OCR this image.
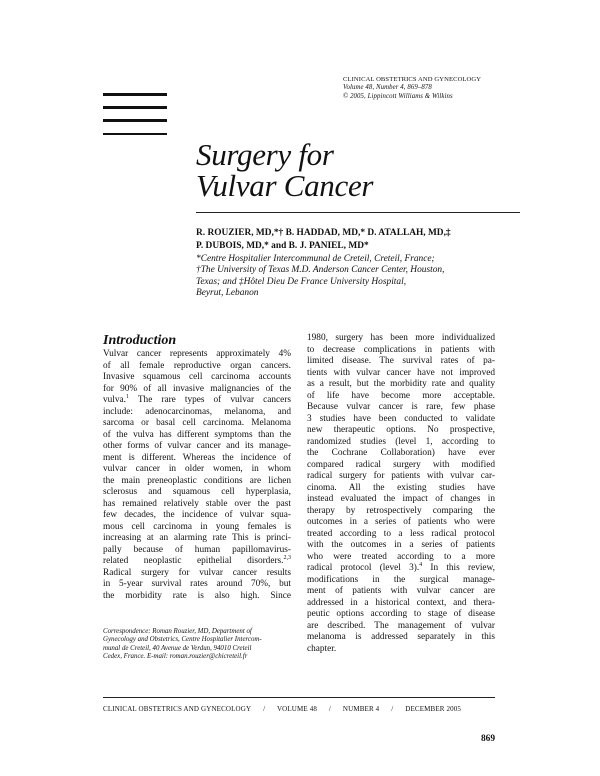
CLINICAL OBSTETRICS AND GYNECOLOGY
Volume 48, Number 4, 869–878
© 2005, Lippincott Williams & Wilkins
Surgery for
Vulvar Cancer
R. ROUZIER, MD,*† B. HADDAD, MD,* D. ATALLAH, MD,‡
P. DUBOIS, MD,* and B. J. PANIEL, MD*
*Centre Hospitalier Intercommunal de Creteil, Creteil, France;
†The University of Texas M.D. Anderson Cancer Center, Houston,
Texas; and ‡Hôtel Dieu De France University Hospital,
Beyrut, Lebanon
Introduction
Vulvar cancer represents approximately 4%
of all female reproductive organ cancers.
Invasive squamous cell carcinoma accounts
for 90% of all invasive malignancies of the
vulva.$^1$ The rare types of vulvar cancers
include: adenocarcinomas, melanoma, and
sarcoma or basal cell carcinoma. Melanoma
of the vulva has different symptoms than the
other forms of vulvar cancer and its manage-
ment is different. Whereas the incidence of
vulvar cancer in older women, in whom
the main preneoplastic conditions are lichen
sclerosus and squamous cell hyperplasia,
has remained relatively stable over the past
few decades, the incidence of vulvar squa-
mous cell carcinoma in young females is
increasing at an alarming rate This is princi-
pally because of human papillomavirus-
related neoplastic epithelial disorders.$^{2,3}$
Radical surgery for vulvar cancer results
in 5-year survival rates around 70%, but
the morbidity rate is also high. Since
Correspondence: Roman Rouzier, MD, Department of
Gynecology and Obstetrics, Centre Hospitalier Intercom-
munal de Creteil, 40 Avenue de Verdun, 94010 Creteil
Cedex, France. E-mail: roman.rouzier@chicreteil.fr
1980, surgery has been more individualized
to decrease complications in patients with
limited disease. The survival rates of pa-
tients with vulvar cancer have not improved
as a result, but the morbidity rate and quality
of life have become more acceptable.
Because vulvar cancer is rare, few phase
3 studies have been conducted to validate
new therapeutic options. No prospective,
randomized studies (level 1, according to
the Cochrane Collaboration) have ever
compared radical surgery with modified
radical surgery for patients with vulvar car-
cinoma. All the existing studies have
instead evaluated the impact of changes in
therapy by retrospectively comparing the
outcomes in a series of patients who were
treated according to a less radical protocol
with the outcomes in a series of patients
who were treated according to a more
radical protocol (level 3).$^4$ In this review,
modifications in the surgical manage-
ment of patients with vulvar cancer are
addressed in a historical context, and thera-
peutic options according to stage of disease
are described. The management of vulvar
melanoma is addressed separately in this
chapter.
CLINICAL OBSTETRICS AND GYNECOLOGY / VOLUME 48 / NUMBER 4 / DECEMBER 2005
869
